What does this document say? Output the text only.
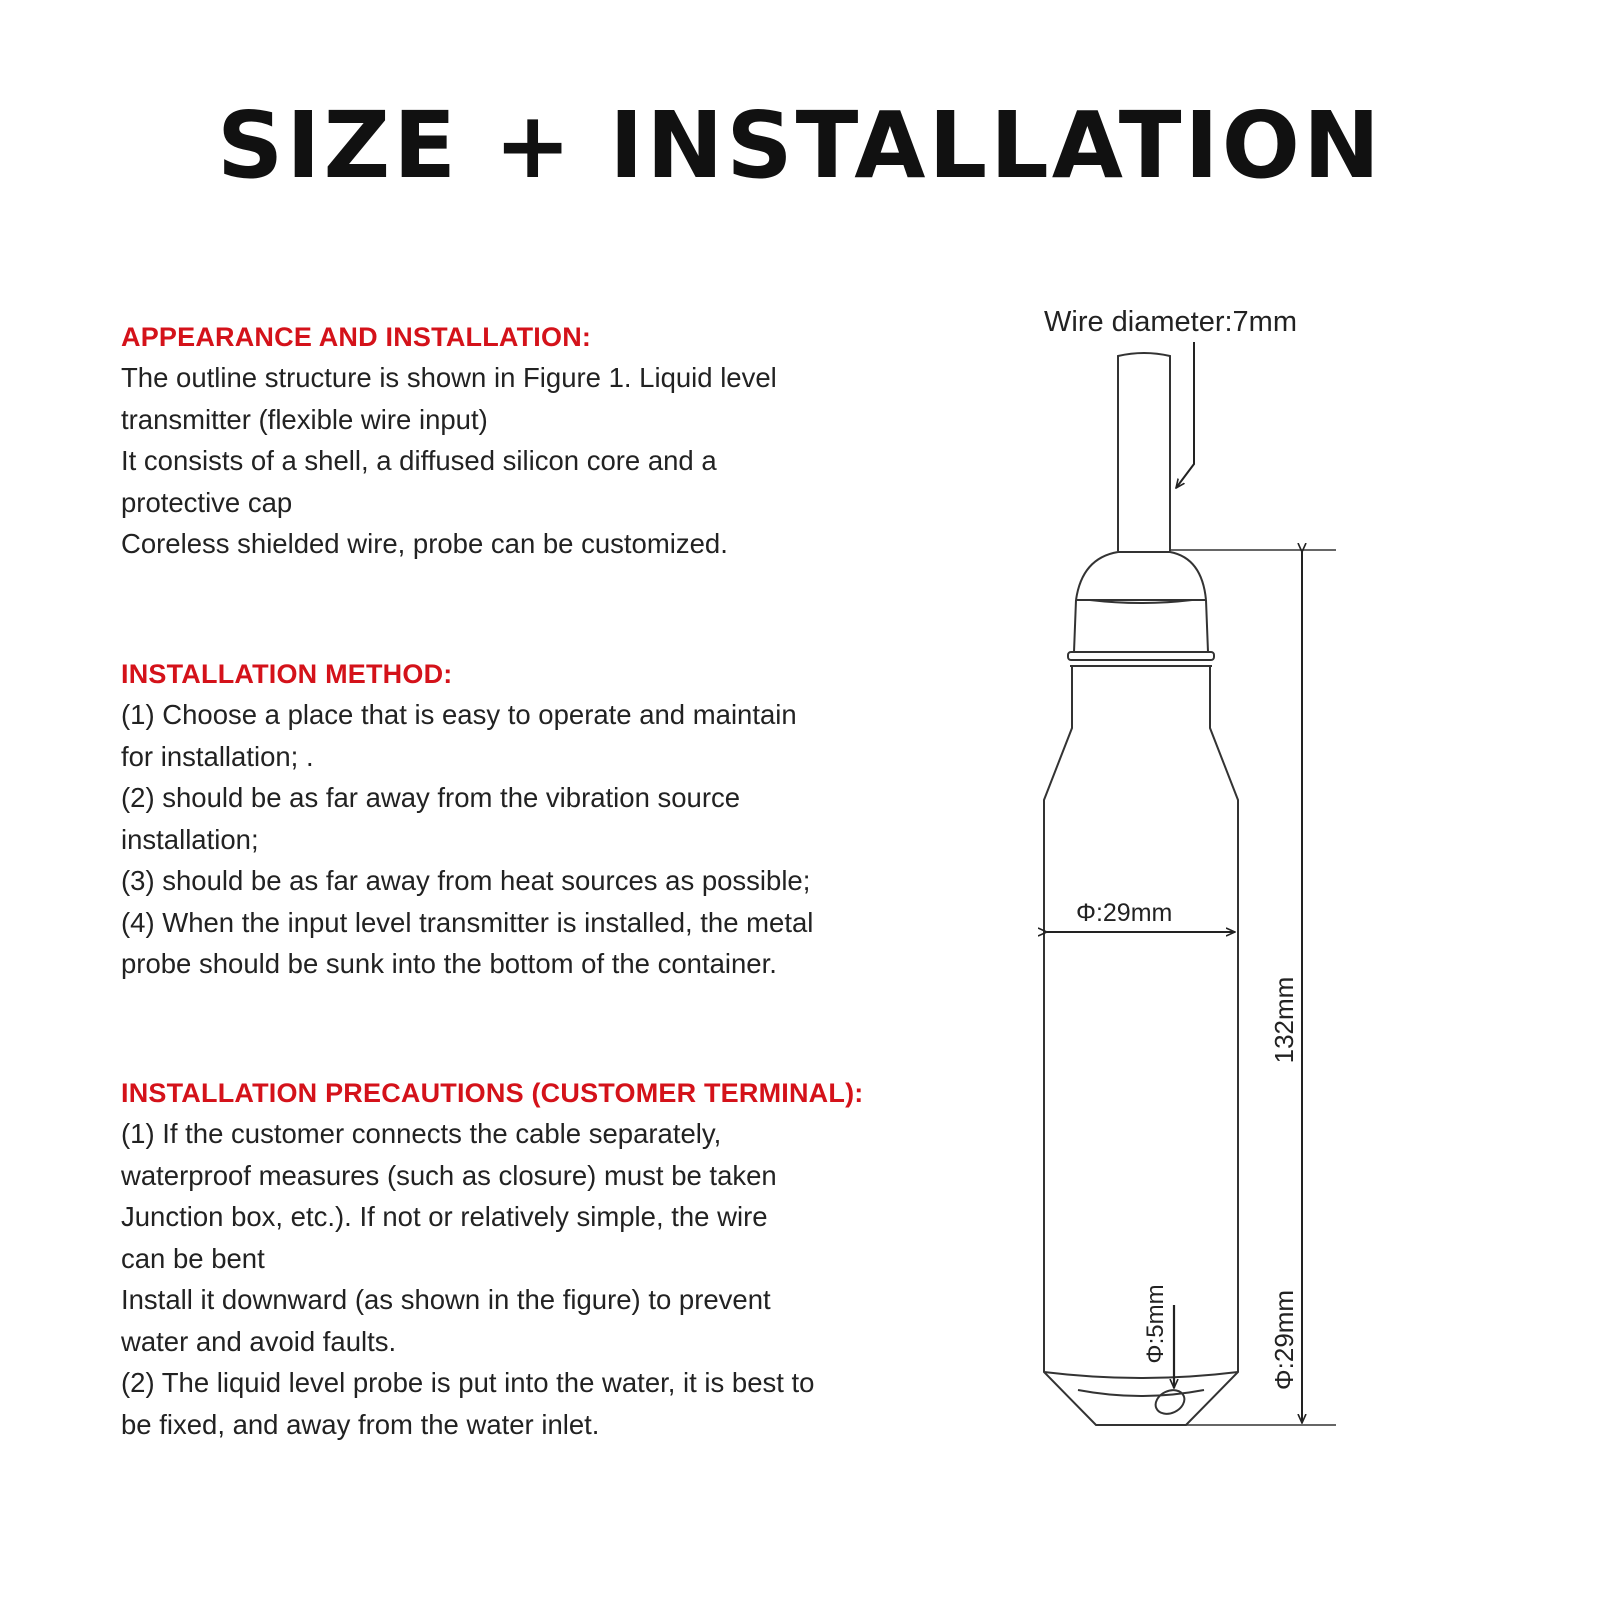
SIZE + INSTALLATION
APPEARANCE AND INSTALLATION:
The outline structure is shown in Figure 1. Liquid level
transmitter (flexible wire input)
It consists of a shell, a diffused silicon core and a
protective cap
Coreless shielded wire, probe can be customized.
INSTALLATION METHOD:
(1) Choose a place that is easy to operate and maintain
for installation; .
(2) should be as far away from the vibration source
installation;
(3) should be as far away from heat sources as possible;
(4) When the input level transmitter is installed, the metal
probe should be sunk into the bottom of the container.
INSTALLATION PRECAUTIONS (CUSTOMER TERMINAL):
(1) If the customer connects the cable separately,
waterproof measures (such as closure) must be taken
Junction box, etc.). If not or relatively simple, the wire
can be bent
Install it downward (as shown in the figure) to prevent
water and avoid faults.
(2) The liquid level probe is put into the water, it is best to
be fixed, and away from the water inlet.
Wire diameter:7mm
Φ:29mm
132mm
Φ:29mm
Φ:5mm
